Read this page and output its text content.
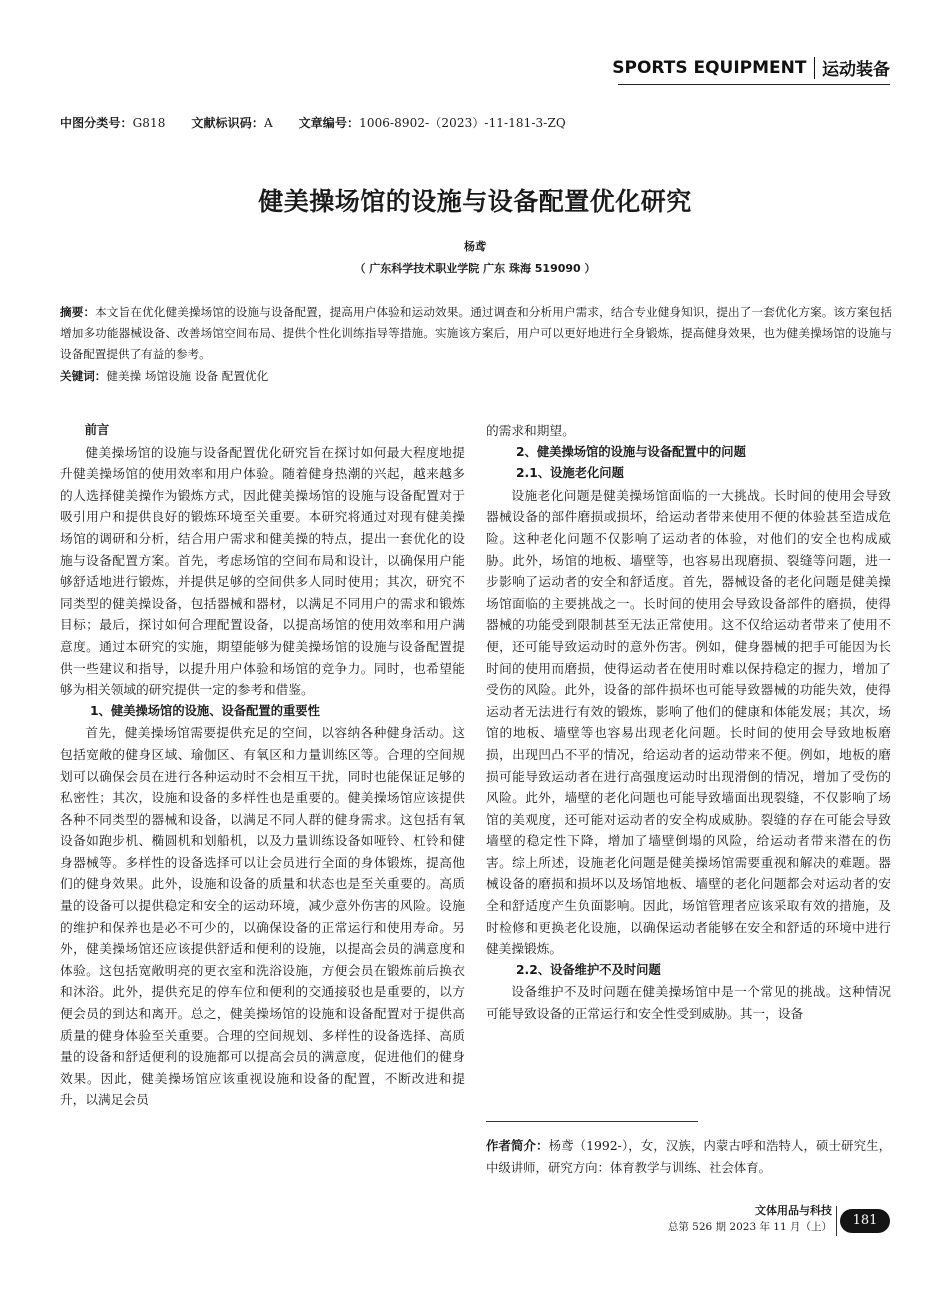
SPORTS EQUIPMENT 运动装备
中图分类号：G818 文献标识码：A 文章编号：1006-8902-（2023）-11-181-3-ZQ
健美操场馆的设施与设备配置优化研究
杨鸢
（ 广东科学技术职业学院 广东 珠海 519090 ）
摘要：本文旨在优化健美操场馆的设施与设备配置，提高用户体验和运动效果。通过调查和分析用户需求，结合专业健身知识，提出了一套优化方案。该方案包括增加多功能器械设备、改善场馆空间布局、提供个性化训练指导等措施。实施该方案后，用户可以更好地进行全身锻炼，提高健身效果，也为健美操场馆的设施与设备配置提供了有益的参考。
关键词：健美操 场馆设施 设备 配置优化

前言

健美操场馆的设施与设备配置优化研究旨在探讨如何最大程度地提升健美操场馆的使用效率和用户体验。随着健身热潮的兴起，越来越多的人选择健美操作为锻炼方式，因此健美操场馆的设施与设备配置对于吸引用户和提供良好的锻炼环境至关重要。本研究将通过对现有健美操场馆的调研和分析，结合用户需求和健美操的特点，提出一套优化的设施与设备配置方案。首先，考虑场馆的空间布局和设计，以确保用户能够舒适地进行锻炼，并提供足够的空间供多人同时使用；其次，研究不同类型的健美操设备，包括器械和器材，以满足不同用户的需求和锻炼目标；最后，探讨如何合理配置设备，以提高场馆的使用效率和用户满意度。通过本研究的实施，期望能够为健美操场馆的设施与设备配置提供一些建议和指导，以提升用户体验和场馆的竞争力。同时，也希望能够为相关领域的研究提供一定的参考和借鉴。

1、健美操场馆的设施、设备配置的重要性

首先，健美操场馆需要提供充足的空间，以容纳各种健身活动。这包括宽敞的健身区域、瑜伽区、有氧区和力量训练区等。合理的空间规划可以确保会员在进行各种运动时不会相互干扰，同时也能保证足够的私密性；其次，设施和设备的多样性也是重要的。健美操场馆应该提供各种不同类型的器械和设备，以满足不同人群的健身需求。这包括有氧设备如跑步机、椭圆机和划船机，以及力量训练设备如哑铃、杠铃和健身器械等。多样性的设备选择可以让会员进行全面的身体锻炼，提高他们的健身效果。此外，设施和设备的质量和状态也是至关重要的。高质量的设备可以提供稳定和安全的运动环境，减少意外伤害的风险。设施的维护和保养也是必不可少的，以确保设备的正常运行和使用寿命。另外，健美操场馆还应该提供舒适和便利的设施，以提高会员的满意度和体验。这包括宽敞明亮的更衣室和洗浴设施，方便会员在锻炼前后换衣和沐浴。此外，提供充足的停车位和便利的交通接驳也是重要的，以方便会员的到达和离开。总之，健美操场馆的设施和设备配置对于提供高质量的健身体验至关重要。合理的空间规划、多样性的设备选择、高质量的设备和舒适便利的设施都可以提高会员的满意度，促进他们的健身效果。因此，健美操场馆应该重视设施和设备的配置，不断改进和提升，以满足会员

的需求和期望。

2、健美操场馆的设施与设备配置中的问题

2.1、设施老化问题

设施老化问题是健美操场馆面临的一大挑战。长时间的使用会导致器械设备的部件磨损或损坏，给运动者带来使用不便的体验甚至造成危险。这种老化问题不仅影响了运动者的体验，对他们的安全也构成威胁。此外，场馆的地板、墙壁等，也容易出现磨损、裂缝等问题，进一步影响了运动者的安全和舒适度。首先，器械设备的老化问题是健美操场馆面临的主要挑战之一。长时间的使用会导致设备部件的磨损，使得器械的功能受到限制甚至无法正常使用。这不仅给运动者带来了使用不便，还可能导致运动时的意外伤害。例如，健身器械的把手可能因为长时间的使用而磨损，使得运动者在使用时难以保持稳定的握力，增加了受伤的风险。此外，设备的部件损坏也可能导致器械的功能失效，使得运动者无法进行有效的锻炼，影响了他们的健康和体能发展；其次，场馆的地板、墙壁等也容易出现老化问题。长时间的使用会导致地板磨损，出现凹凸不平的情况，给运动者的运动带来不便。例如，地板的磨损可能导致运动者在进行高强度运动时出现滑倒的情况，增加了受伤的风险。此外，墙壁的老化问题也可能导致墙面出现裂缝，不仅影响了场馆的美观度，还可能对运动者的安全构成威胁。裂缝的存在可能会导致墙壁的稳定性下降，增加了墙壁倒塌的风险，给运动者带来潜在的伤害。综上所述，设施老化问题是健美操场馆需要重视和解决的难题。器械设备的磨损和损坏以及场馆地板、墙壁的老化问题都会对运动者的安全和舒适度产生负面影响。因此，场馆管理者应该采取有效的措施，及时检修和更换老化设施，以确保运动者能够在安全和舒适的环境中进行健美操锻炼。

2.2、设备维护不及时问题

设备维护不及时问题在健美操场馆中是一个常见的挑战。这种情况可能导致设备的正常运行和安全性受到威胁。其一，设备

作者简介：杨鸢（1992-），女，汉族，内蒙古呼和浩特人，硕士研究生，中级讲师，研究方向：体育教学与训练、社会体育。
文体用品与科技
总第 526 期 2023 年 11 月（上）	181
